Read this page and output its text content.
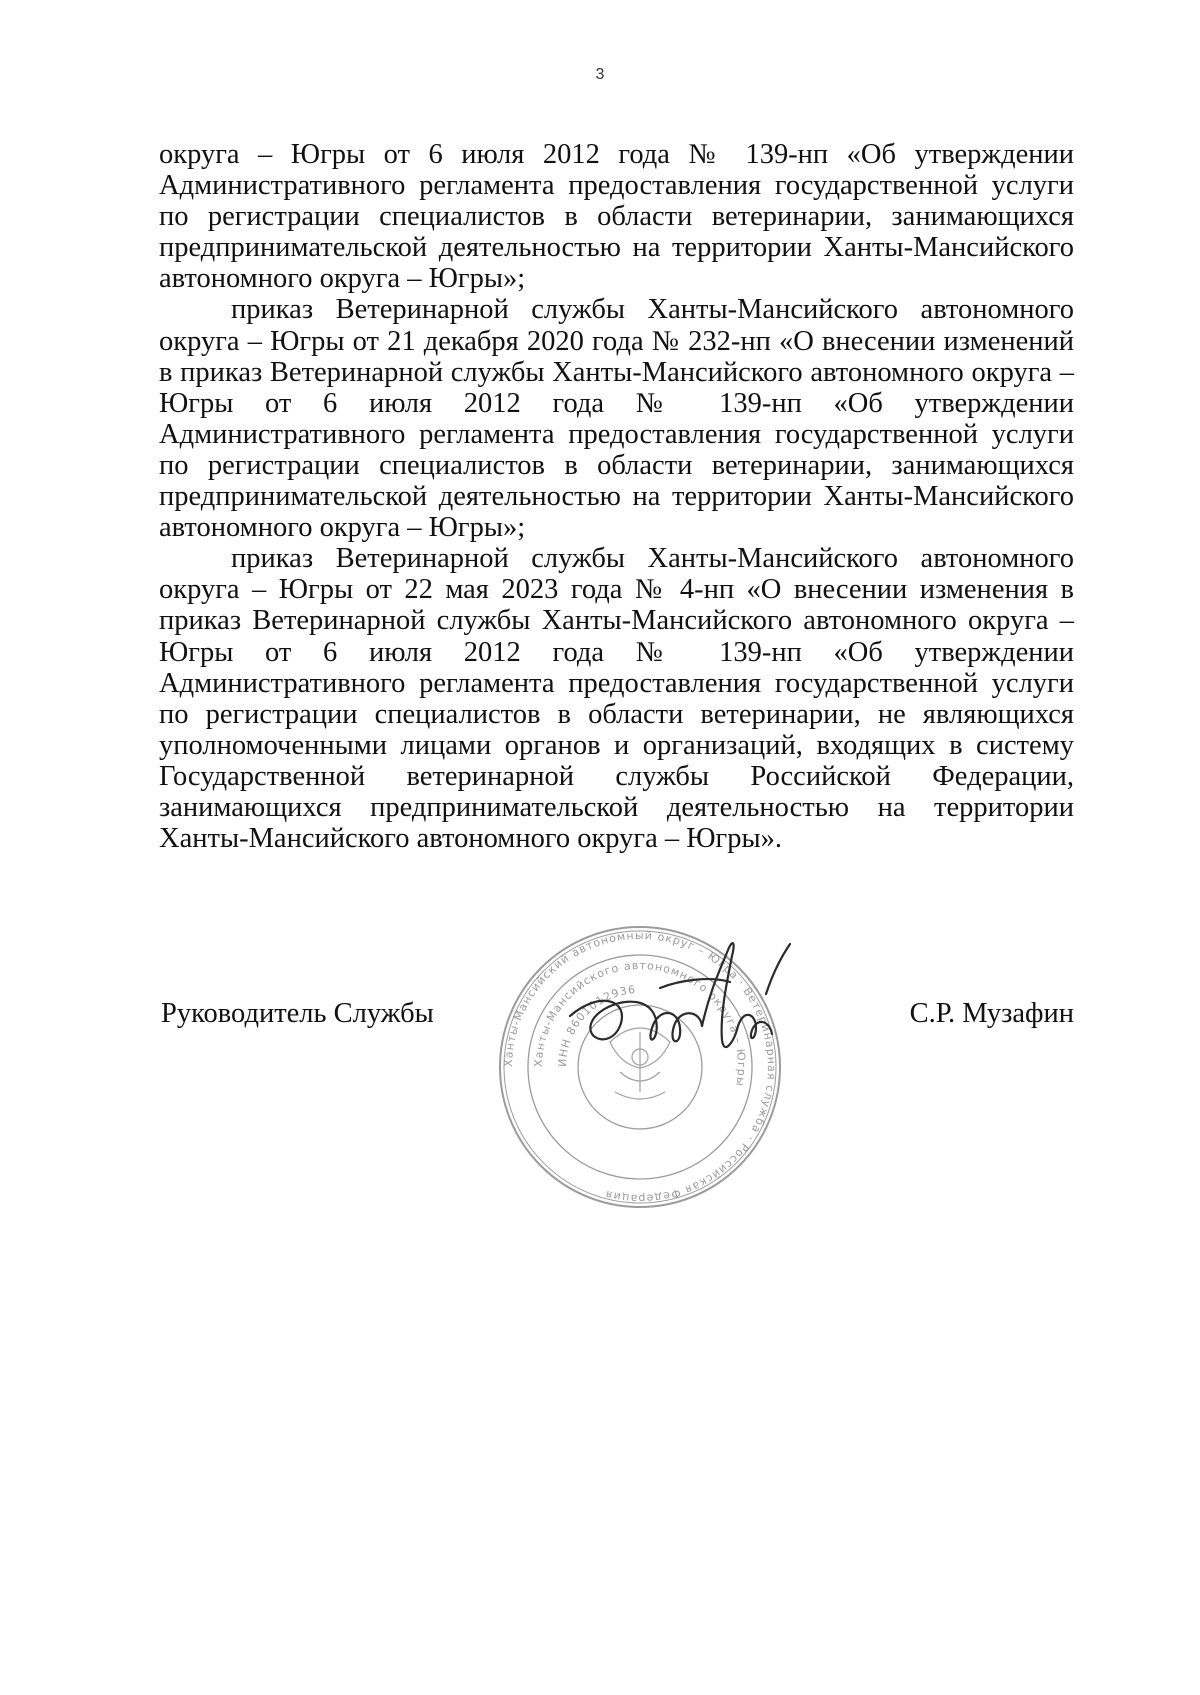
3

округа – Югры от 6 июля 2012 года № 139-нп «Об утверждении Административного регламента предоставления государственной услуги по регистрации специалистов в области ветеринарии, занимающихся предпринимательской деятельностью на территории Ханты-Мансийского автономного округа – Югры»;

приказ Ветеринарной службы Ханты-Мансийского автономного округа – Югры от 21 декабря 2020 года № 232-нп «О внесении изменений в приказ Ветеринарной службы Ханты-Мансийского автономного округа – Югры от 6 июля 2012 года № 139-нп «Об утверждении Административного регламента предоставления государственной услуги по регистрации специалистов в области ветеринарии, занимающихся предпринимательской деятельностью на территории Ханты-Мансийского автономного округа – Югры»;

приказ Ветеринарной службы Ханты-Мансийского автономного округа – Югры от 22 мая 2023 года № 4-нп «О внесении изменения в приказ Ветеринарной службы Ханты-Мансийского автономного округа – Югры от 6 июля 2012 года № 139-нп «Об утверждении Административного регламента предоставления государственной услуги по регистрации специалистов в области ветеринарии, не являющихся уполномоченными лицами органов и организаций, входящих в систему Государственной ветеринарной службы Российской Федерации, занимающихся предпринимательской деятельностью на территории Ханты-Мансийского автономного округа – Югры».

Руководитель Службы
Ханты-Мансийский автономный округ – Югра · Ветеринарная служба · Российская Федерация
Ханты-Мансийского автономного округа – Югры
ИНН 8601012936
С.Р. Музафин
